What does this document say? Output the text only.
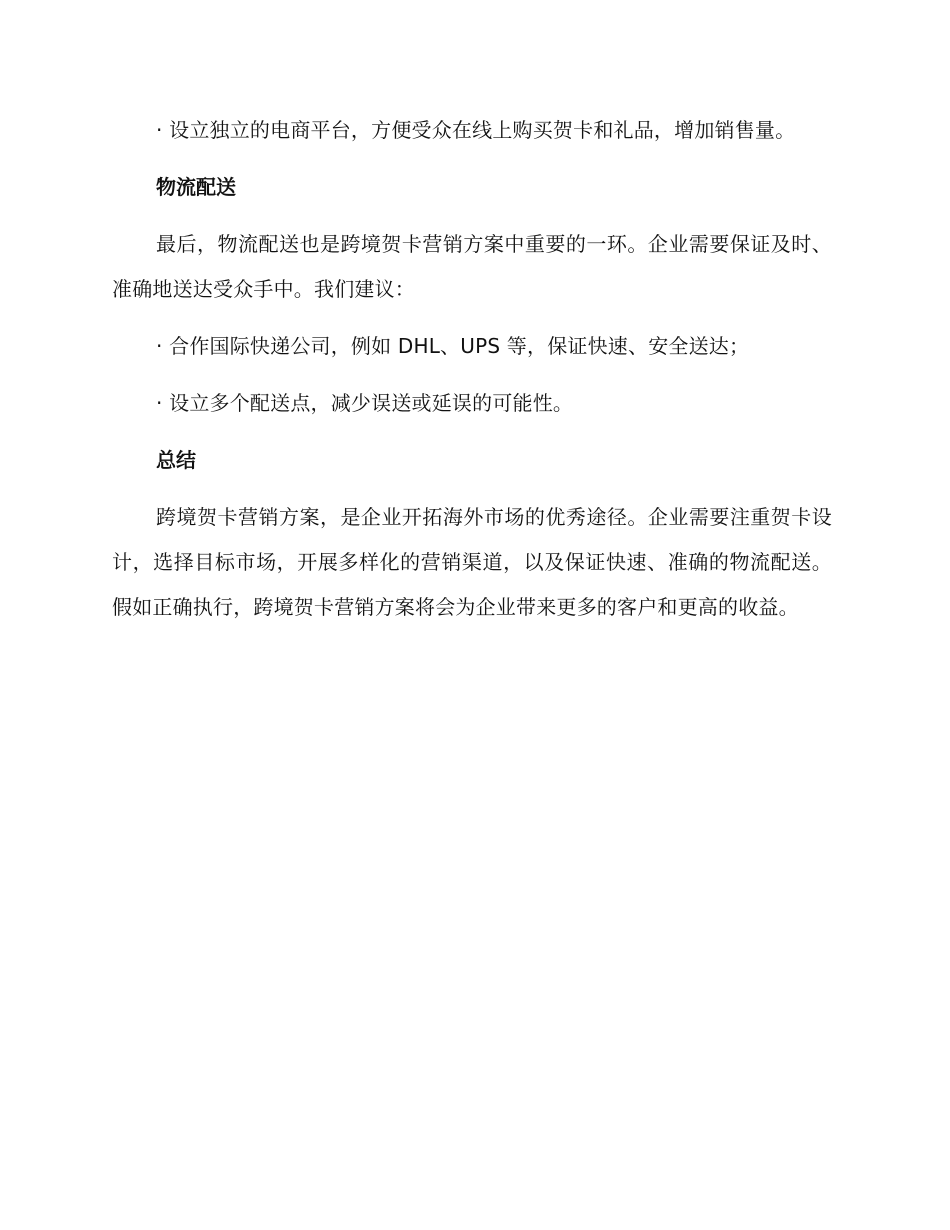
· 设立独立的电商平台，方便受众在线上购买贺卡和礼品，增加销售量。

物流配送

最后，物流配送也是跨境贺卡营销方案中重要的一环。企业需要保证及时、准确地送达受众手中。我们建议：

· 合作国际快递公司，例如 DHL、UPS 等，保证快速、安全送达；

· 设立多个配送点，减少误送或延误的可能性。

总结

跨境贺卡营销方案，是企业开拓海外市场的优秀途径。企业需要注重贺卡设计，选择目标市场，开展多样化的营销渠道，以及保证快速、准确的物流配送。假如正确执行，跨境贺卡营销方案将会为企业带来更多的客户和更高的收益。
